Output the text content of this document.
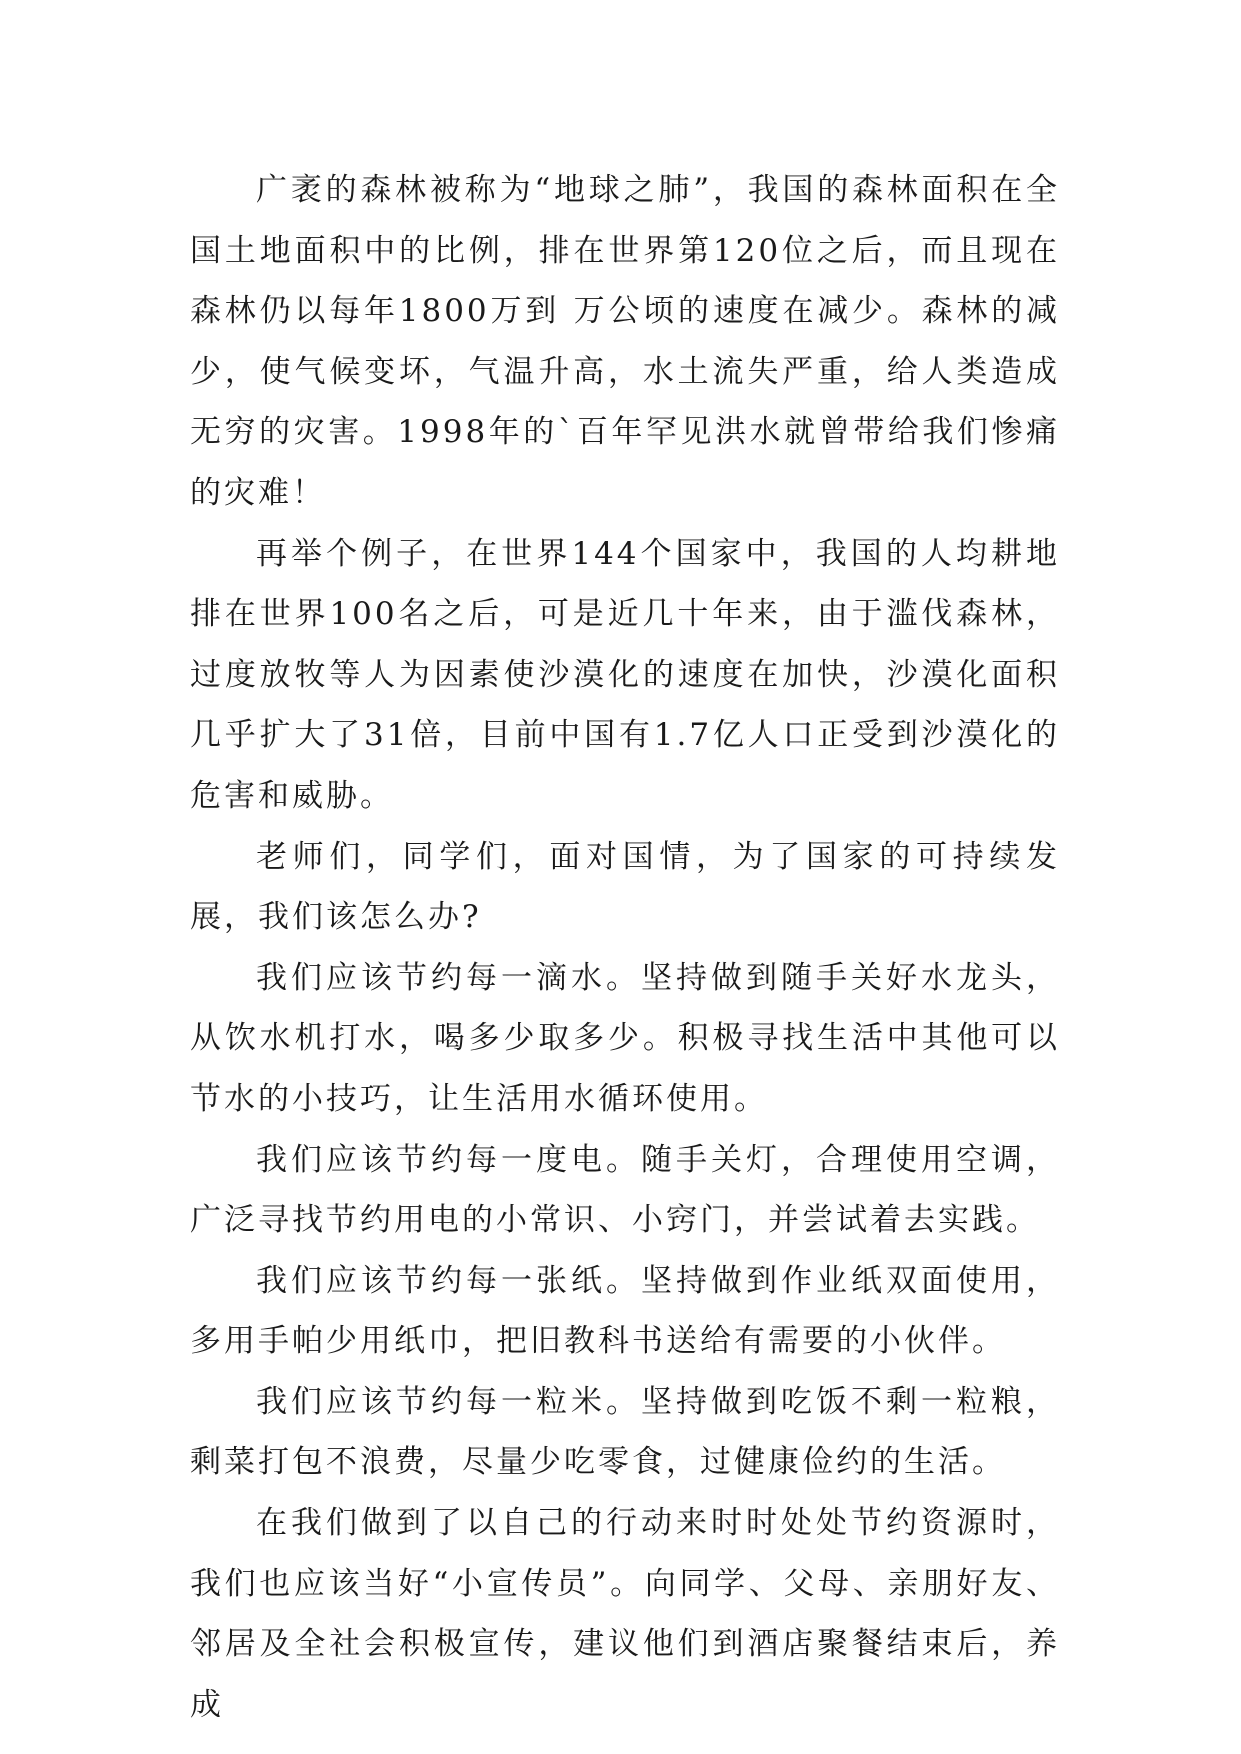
广袤的森林被称为“地球之肺”，我国的森林面积在全国土地面积中的比例，排在世界第120位之后，而且现在森林仍以每年1800万到 万公顷的速度在减少。森林的减少，使气候变坏，气温升高，水土流失严重，给人类造成无穷的灾害。1998年的`百年罕见洪水就曾带给我们惨痛的灾难！

再举个例子，在世界144个国家中，我国的人均耕地排在世界100名之后，可是近几十年来，由于滥伐森林，过度放牧等人为因素使沙漠化的速度在加快，沙漠化面积几乎扩大了31倍，目前中国有1.7亿人口正受到沙漠化的危害和威胁。

老师们，同学们，面对国情，为了国家的可持续发展，我们该怎么办?

我们应该节约每一滴水。坚持做到随手关好水龙头，从饮水机打水，喝多少取多少。积极寻找生活中其他可以节水的小技巧，让生活用水循环使用。

我们应该节约每一度电。随手关灯，合理使用空调，广泛寻找节约用电的小常识、小窍门，并尝试着去实践。

我们应该节约每一张纸。坚持做到作业纸双面使用，多用手帕少用纸巾，把旧教科书送给有需要的小伙伴。

我们应该节约每一粒米。坚持做到吃饭不剩一粒粮，剩菜打包不浪费，尽量少吃零食，过健康俭约的生活。

在我们做到了以自己的行动来时时处处节约资源时，我们也应该当好“小宣传员”。向同学、父母、亲朋好友、邻居及全社会积极宣传，建议他们到酒店聚餐结束后，养成
